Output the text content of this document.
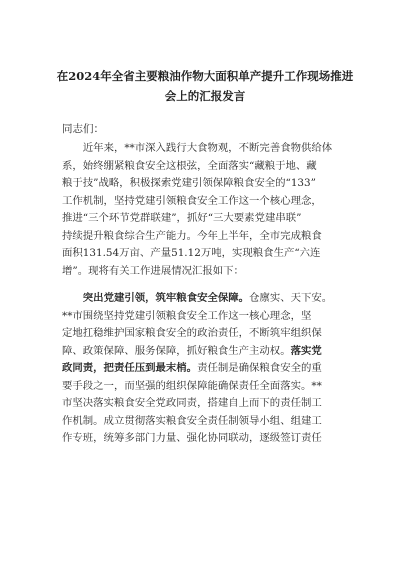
在2024年全省主要粮油作物大面积单产提升工作现场推进
会上的汇报发言
同志们：
近年来，**市深入践行大食物观，不断完善食物供给体
系，始终绷紧粮食安全这根弦，全面落实“藏粮于地、藏
粮于技”战略，积极探索党建引领保障粮食安全的“133”
工作机制，坚持党建引领粮食安全工作这一个核心理念，
推进“三个环节党群联建”，抓好“三大要素党建串联”
持续提升粮食综合生产能力。今年上半年，全市完成粮食
面积131.54万亩、产量51.12万吨，实现粮食生产“六连
增”。现将有关工作进展情况汇报如下：
突出党建引领，筑牢粮食安全保障。仓廪实、天下安。
**市围绕坚持党建引领粮食安全工作这一核心理念，坚
定地扛稳维护国家粮食安全的政治责任，不断筑牢组织保
障、政策保障、服务保障，抓好粮食生产主动权。落实党
政同责，把责任压到最末梢。责任制是确保粮食安全的重
要手段之一，而坚强的组织保障能确保责任全面落实。**
市坚决落实粮食安全党政同责，搭建自上而下的责任制工
作机制。成立贯彻落实粮食安全责任制领导小组、组建工
作专班，统筹多部门力量、强化协同联动，逐级签订责任
